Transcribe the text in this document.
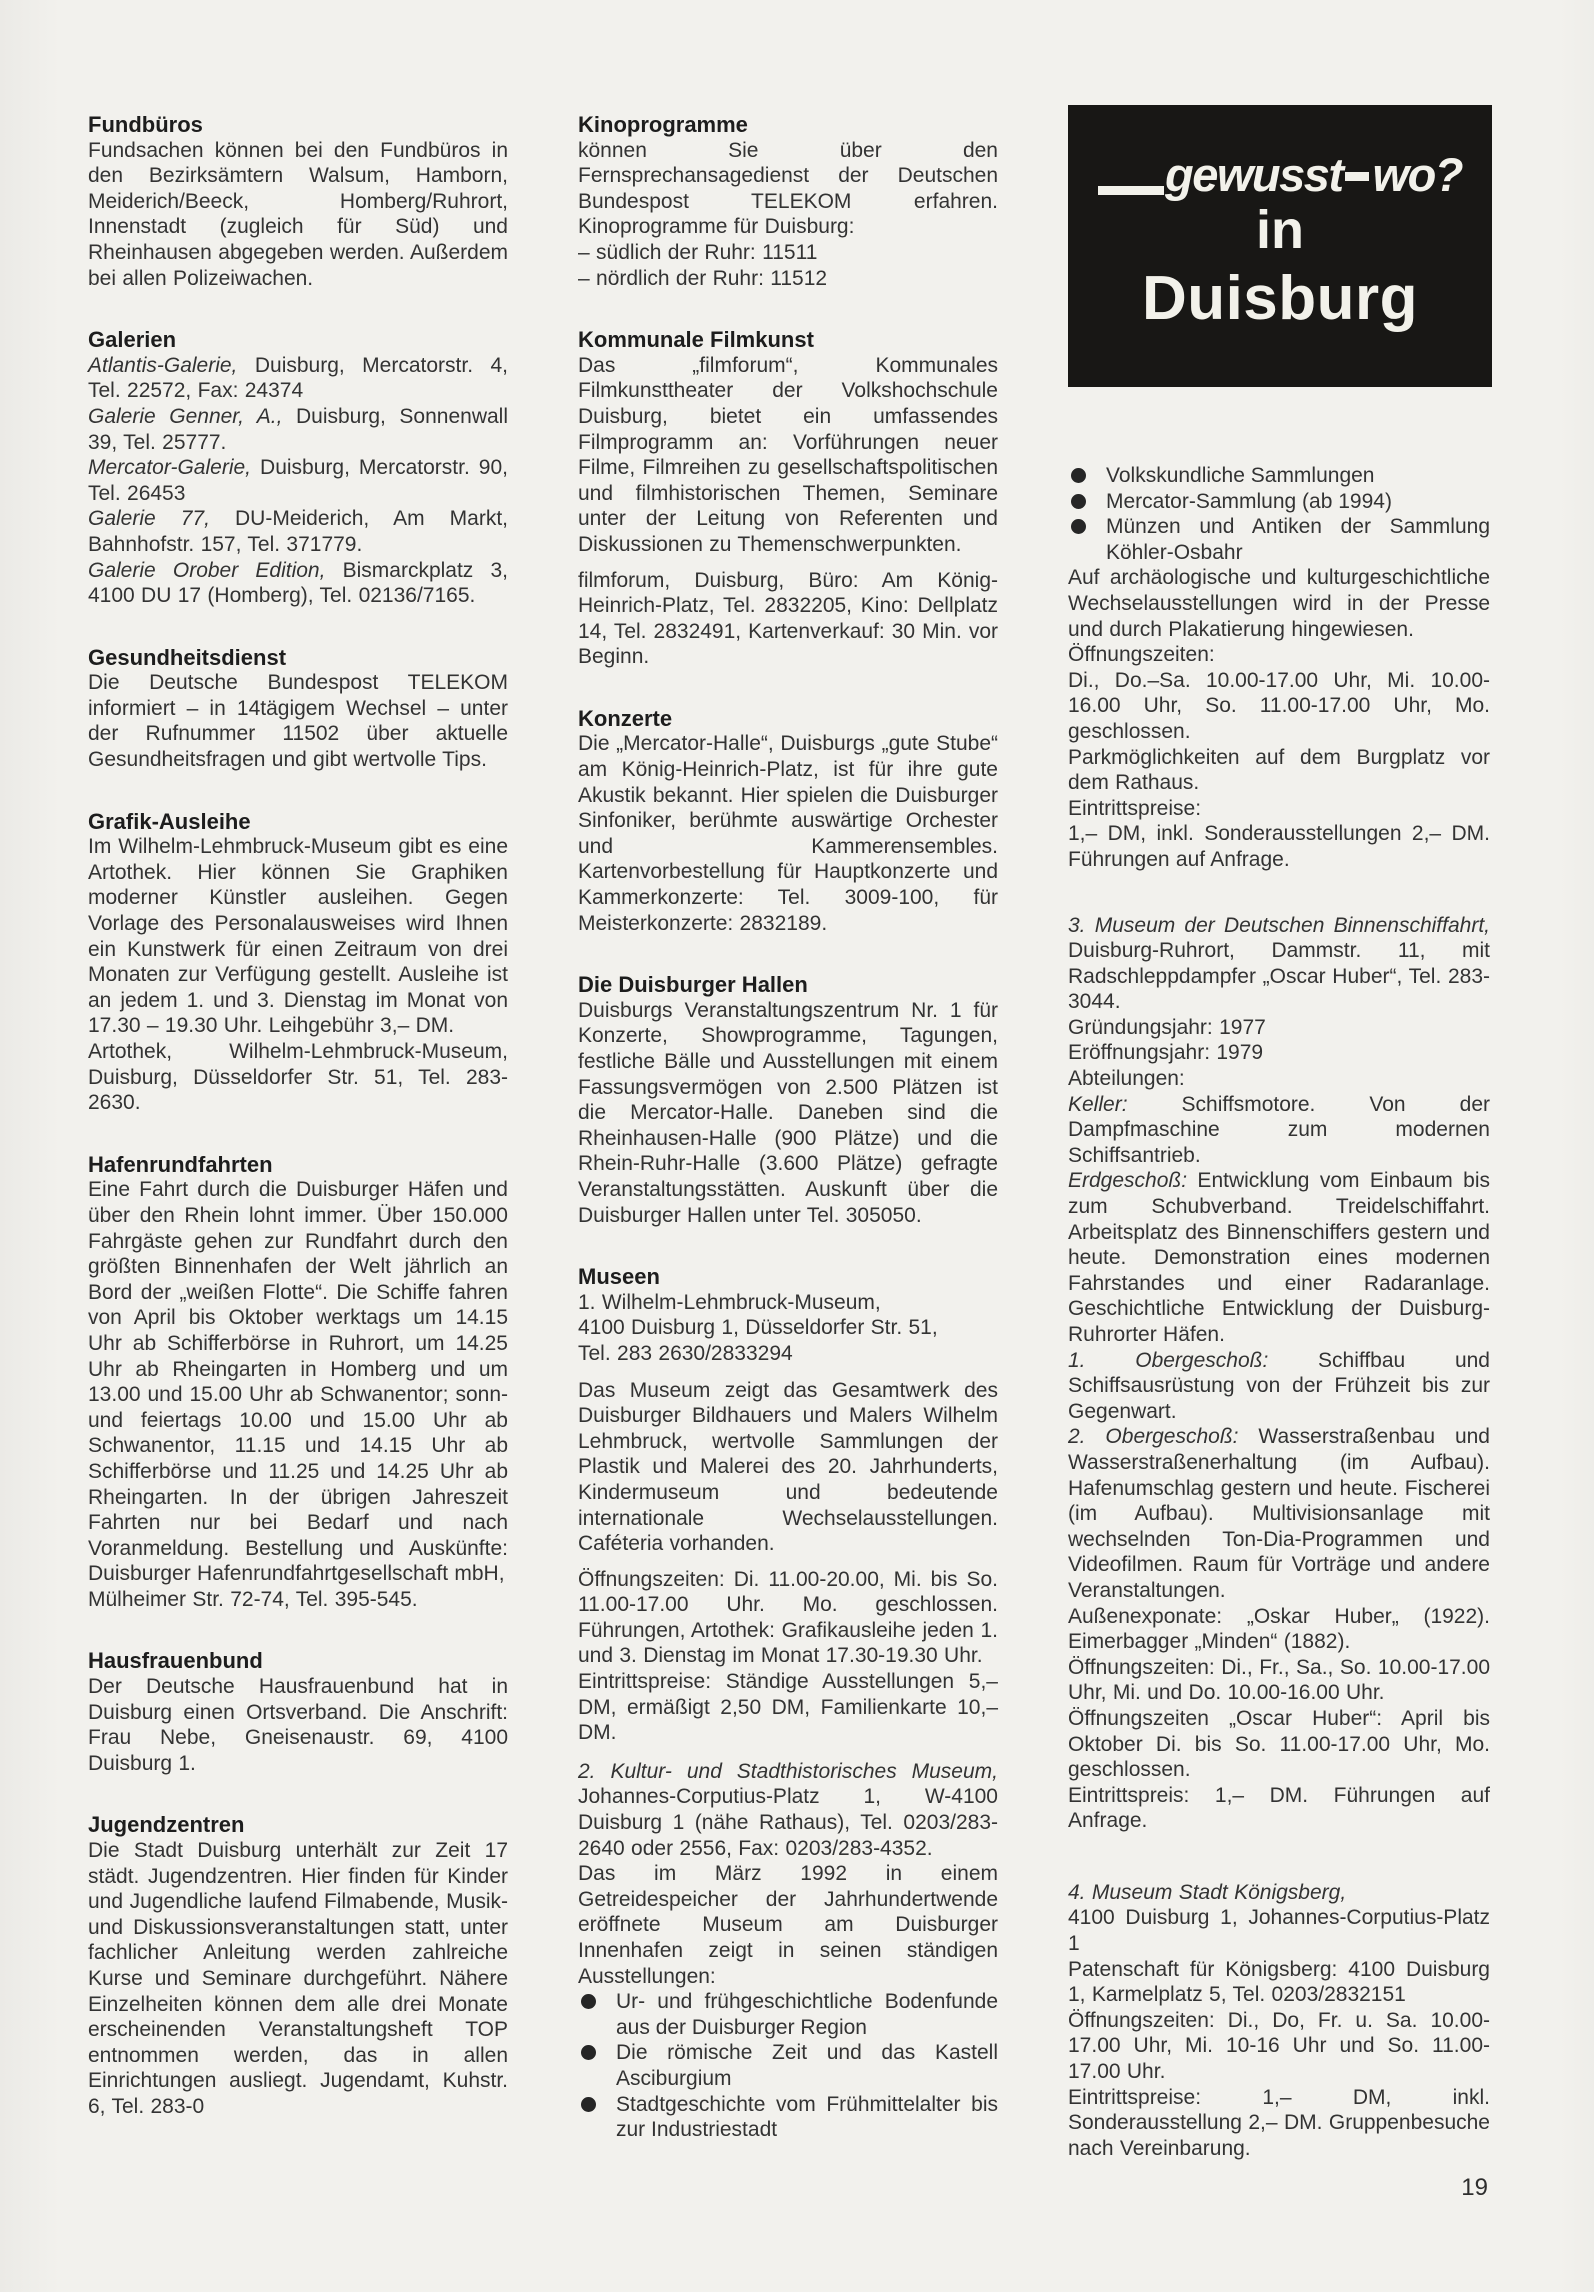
Fundbüros
Fundsachen können bei den Fundbüros in den Bezirksämtern Walsum, Hamborn, Meiderich/Beeck, Homberg/Ruhrort, Innenstadt (zugleich für Süd) und Rheinhausen abgegeben werden. Außerdem bei allen Polizeiwachen.
Galerien
Atlantis-Galerie, Duisburg, Mercatorstr. 4, Tel. 22572, Fax: 24374
Galerie Genner, A., Duisburg, Sonnenwall 39, Tel. 25777.
Mercator-Galerie, Duisburg, Mercatorstr. 90, Tel. 26453
Galerie 77, DU-Meiderich, Am Markt, Bahnhofstr. 157, Tel. 371779.
Galerie Orober Edition, Bismarckplatz 3, 4100 DU 17 (Homberg), Tel. 02136/7165.
Gesundheitsdienst
Die Deutsche Bundespost TELEKOM informiert – in 14tägigem Wechsel – unter der Rufnummer 11502 über aktuelle Gesundheitsfragen und gibt wertvolle Tips.
Grafik-Ausleihe
Im Wilhelm-Lehmbruck-Museum gibt es eine Artothek. Hier können Sie Graphiken moderner Künstler ausleihen. Gegen Vorlage des Personalausweises wird Ihnen ein Kunstwerk für einen Zeitraum von drei Monaten zur Verfügung gestellt. Ausleihe ist an jedem 1. und 3. Dienstag im Monat von 17.30 – 19.30 Uhr. Leihgebühr 3,– DM.
Artothek, Wilhelm-Lehmbruck-Museum, Duisburg, Düsseldorfer Str. 51, Tel. 283-2630.
Hafenrundfahrten
Eine Fahrt durch die Duisburger Häfen und über den Rhein lohnt immer. Über 150.000 Fahrgäste gehen zur Rundfahrt durch den größten Binnenhafen der Welt jährlich an Bord der „weißen Flotte“. Die Schiffe fahren von April bis Oktober werktags um 14.15 Uhr ab Schifferbörse in Ruhrort, um 14.25 Uhr ab Rheingarten in Homberg und um 13.00 und 15.00 Uhr ab Schwanentor; sonn- und feiertags 10.00 und 15.00 Uhr ab Schwanentor, 11.15 und 14.15 Uhr ab Schifferbörse und 11.25 und 14.25 Uhr ab Rheingarten. In der übrigen Jahreszeit Fahrten nur bei Bedarf und nach Voranmeldung. Bestellung und Auskünfte: Duisburger Hafenrundfahrtgesellschaft mbH,
Mülheimer Str. 72-74, Tel. 395-545.
Hausfrauenbund
Der Deutsche Hausfrauenbund hat in Duisburg einen Ortsverband. Die Anschrift: Frau Nebe, Gneisenaustr. 69, 4100 Duisburg 1.
Jugendzentren
Die Stadt Duisburg unterhält zur Zeit 17 städt. Jugendzentren. Hier finden für Kinder und Jugendliche laufend Filmabende, Musik- und Diskussionsveranstaltungen statt, unter fachlicher Anleitung werden zahlreiche Kurse und Seminare durchgeführt. Nähere Einzelheiten können dem alle drei Monate erscheinenden Veranstaltungsheft TOP entnommen werden, das in allen Einrichtungen ausliegt. Jugendamt, Kuhstr. 6, Tel. 283-0
Kinoprogramme
können Sie über den Fernsprechansagedienst der Deutschen Bundespost TELEKOM erfahren. Kinoprogramme für Duisburg:
– südlich der Ruhr: 11511
– nördlich der Ruhr: 11512
Kommunale Filmkunst
Das „filmforum“, Kommunales Filmkunsttheater der Volkshochschule Duisburg, bietet ein umfassendes Filmprogramm an: Vorführungen neuer Filme, Filmreihen zu gesellschaftspolitischen und filmhistorischen Themen, Seminare unter der Leitung von Referenten und Diskussionen zu Themenschwerpunkten.
filmforum, Duisburg, Büro: Am König-Heinrich-Platz, Tel. 2832205, Kino: Dellplatz 14, Tel. 2832491, Kartenverkauf: 30 Min. vor Beginn.
Konzerte
Die „Mercator-Halle“, Duisburgs „gute Stube“ am König-Heinrich-Platz, ist für ihre gute Akustik bekannt. Hier spielen die Duisburger Sinfoniker, berühmte auswärtige Orchester und Kammerensembles. Kartenvorbestellung für Hauptkonzerte und Kammerkonzerte: Tel. 3009-100, für Meisterkonzerte: 2832189.
Die Duisburger Hallen
Duisburgs Veranstaltungszentrum Nr. 1 für Konzerte, Showprogramme, Tagungen, festliche Bälle und Ausstellungen mit einem Fassungsvermögen von 2.500 Plätzen ist die Mercator-Halle. Daneben sind die Rheinhausen-Halle (900 Plätze) und die Rhein-Ruhr-Halle (3.600 Plätze) gefragte Veranstaltungsstätten. Auskunft über die Duisburger Hallen unter Tel. 305050.
Museen
1. Wilhelm-Lehmbruck-Museum,
4100 Duisburg 1, Düsseldorfer Str. 51,
Tel. 283 2630/2833294
Das Museum zeigt das Gesamtwerk des Duisburger Bildhauers und Malers Wilhelm Lehmbruck, wertvolle Sammlungen der Plastik und Malerei des 20. Jahrhunderts, Kindermuseum und bedeutende internationale Wechselausstellungen. Caféteria vorhanden.
Öffnungszeiten: Di. 11.00-20.00, Mi. bis So. 11.00-17.00 Uhr. Mo. geschlossen. Führungen, Artothek: Grafikausleihe jeden 1. und 3. Dienstag im Monat 17.30-19.30 Uhr.
Eintrittspreise: Ständige Ausstellungen 5,– DM, ermäßigt 2,50 DM, Familienkarte 10,– DM.
2. Kultur- und Stadthistorisches Museum, Johannes-Corputius-Platz 1, W-4100 Duisburg 1 (nähe Rathaus), Tel. 0203/283-2640 oder 2556, Fax: 0203/283-4352.
Das im März 1992 in einem Getreidespeicher der Jahrhundertwende eröffnete Museum am Duisburger Innenhafen zeigt in seinen ständigen Ausstellungen:
Ur- und frühgeschichtliche Bodenfunde aus der Duisburger Region
Die römische Zeit und das Kastell Asciburgium
Stadtgeschichte vom Frühmittelalter bis zur Industriestadt
gewusst wo?
in
Duisburg
Volkskundliche Sammlungen
Mercator-Sammlung (ab 1994)
Münzen und Antiken der Sammlung Köhler-Osbahr
Auf archäologische und kulturgeschichtliche Wechselausstellungen wird in der Presse und durch Plakatierung hingewiesen.
Öffnungszeiten:
Di., Do.–Sa. 10.00-17.00 Uhr, Mi. 10.00-16.00 Uhr, So. 11.00-17.00 Uhr, Mo. geschlossen.
Parkmöglichkeiten auf dem Burgplatz vor dem Rathaus.
Eintrittspreise:
1,– DM, inkl. Sonderausstellungen 2,– DM. Führungen auf Anfrage.
3. Museum der Deutschen Binnenschiffahrt, Duisburg-Ruhrort, Dammstr. 11, mit Radschleppdampfer „Oscar Huber“, Tel. 283-3044.
Gründungsjahr: 1977
Eröffnungsjahr: 1979
Abteilungen:
Keller: Schiffsmotore. Von der Dampfmaschine zum modernen Schiffsantrieb.
Erdgeschoß: Entwicklung vom Einbaum bis zum Schubverband. Treidelschiffahrt. Arbeitsplatz des Binnenschiffers gestern und heute. Demonstration eines modernen Fahrstandes und einer Radaranlage. Geschichtliche Entwicklung der Duisburg-Ruhrorter Häfen.
1. Obergeschoß: Schiffbau und Schiffsausrüstung von der Frühzeit bis zur Gegenwart.
2. Obergeschoß: Wasserstraßenbau und Wasserstraßenerhaltung (im Aufbau). Hafenumschlag gestern und heute. Fischerei (im Aufbau). Multivisionsanlage mit wechselnden Ton-Dia-Programmen und Videofilmen. Raum für Vorträge und andere Veranstaltungen.
Außenexponate: „Oskar Huber„ (1922). Eimerbagger „Minden“ (1882).
Öffnungszeiten: Di., Fr., Sa., So. 10.00-17.00 Uhr, Mi. und Do. 10.00-16.00 Uhr.
Öffnungszeiten „Oscar Huber“: April bis Oktober Di. bis So. 11.00-17.00 Uhr, Mo. geschlossen.
Eintrittspreis: 1,– DM. Führungen auf Anfrage.
4. Museum Stadt Königsberg,
4100 Duisburg 1, Johannes-Corputius-Platz 1
Patenschaft für Königsberg: 4100 Duisburg 1, Karmelplatz 5, Tel. 0203/2832151
Öffnungszeiten: Di., Do, Fr. u. Sa. 10.00-17.00 Uhr, Mi. 10-16 Uhr und So. 11.00-17.00 Uhr.
Eintrittspreise: 1,– DM, inkl. Sonderausstellung 2,– DM. Gruppenbesuche nach Vereinbarung.
19
